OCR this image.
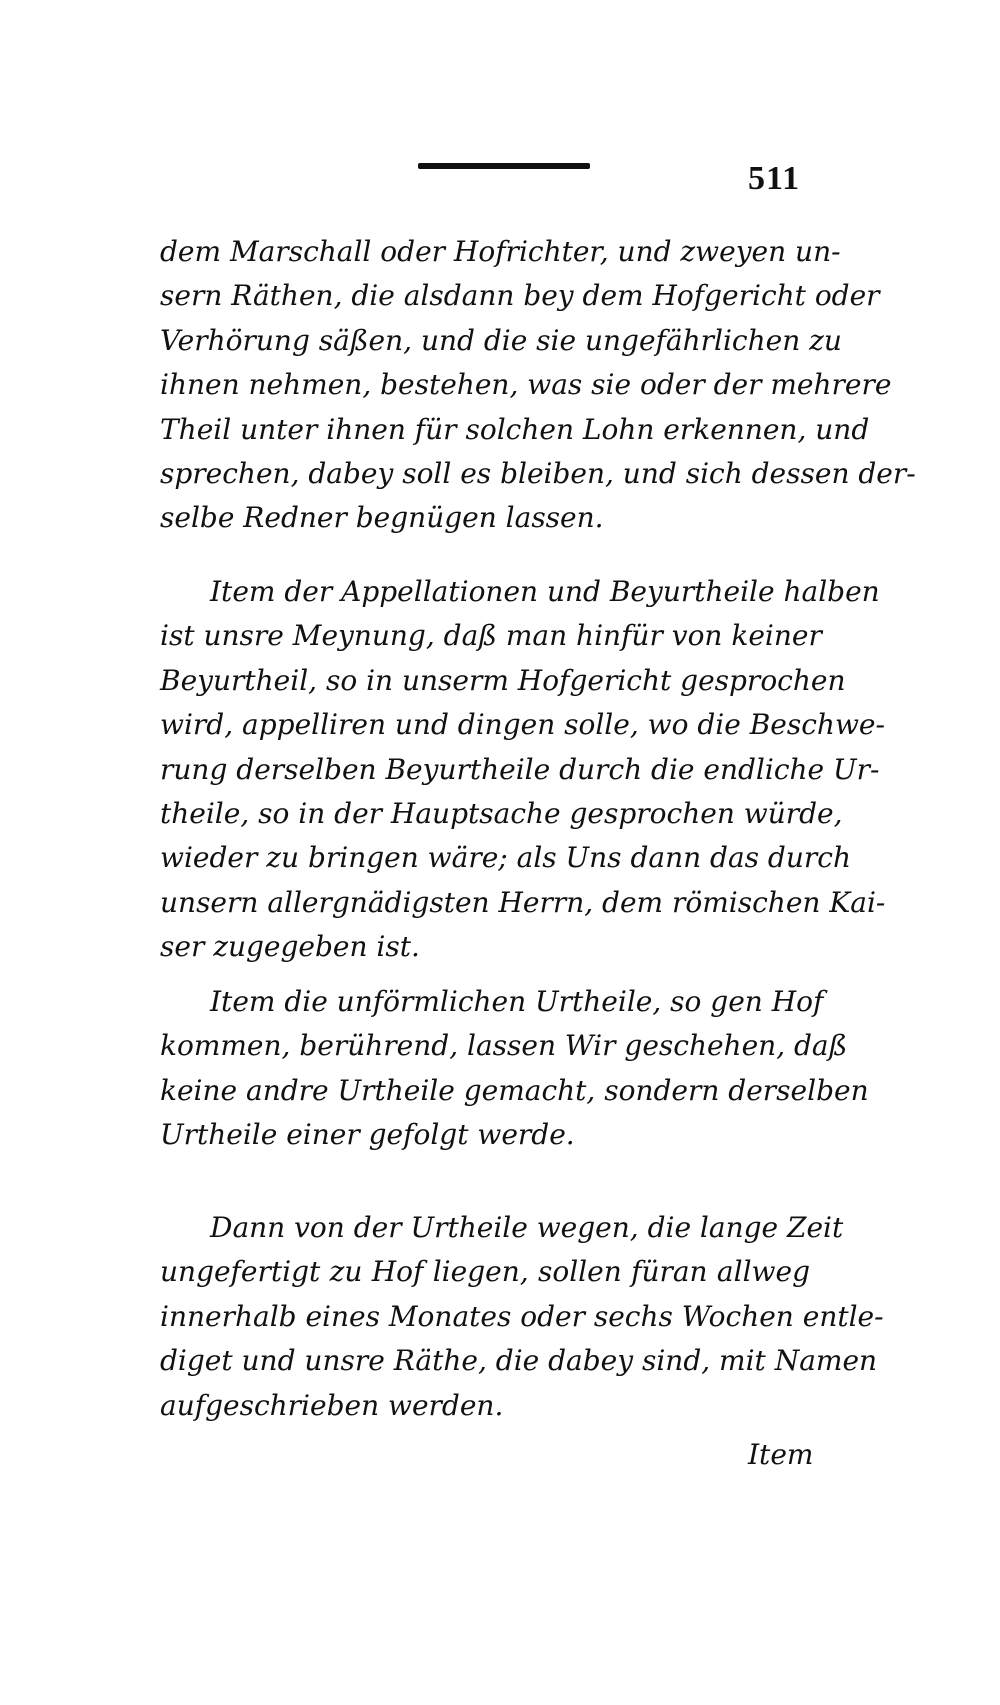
511
dem Marschall oder Hofrichter, und zweyen un-
sern Räthen, die alsdann bey dem Hofgericht oder
Verhörung säßen, und die sie ungefährlichen zu
ihnen nehmen, bestehen, was sie oder der mehrere
Theil unter ihnen für solchen Lohn erkennen, und
sprechen, dabey soll es bleiben, und sich dessen der-
selbe Redner begnügen lassen.
Item der Appellationen und Beyurtheile halben
ist unsre Meynung, daß man hinfür von keiner
Beyurtheil, so in unserm Hofgericht gesprochen
wird, appelliren und dingen solle, wo die Beschwe-
rung derselben Beyurtheile durch die endliche Ur-
theile, so in der Hauptsache gesprochen würde,
wieder zu bringen wäre; als Uns dann das durch
unsern allergnädigsten Herrn, dem römischen Kai-
ser zugegeben ist.
Item die unförmlichen Urtheile, so gen Hof
kommen, berührend, lassen Wir geschehen, daß
keine andre Urtheile gemacht, sondern derselben
Urtheile einer gefolgt werde.
Dann von der Urtheile wegen, die lange Zeit
ungefertigt zu Hof liegen, sollen füran allweg
innerhalb eines Monates oder sechs Wochen entle-
diget und unsre Räthe, die dabey sind, mit Namen
aufgeschrieben werden.
Item
